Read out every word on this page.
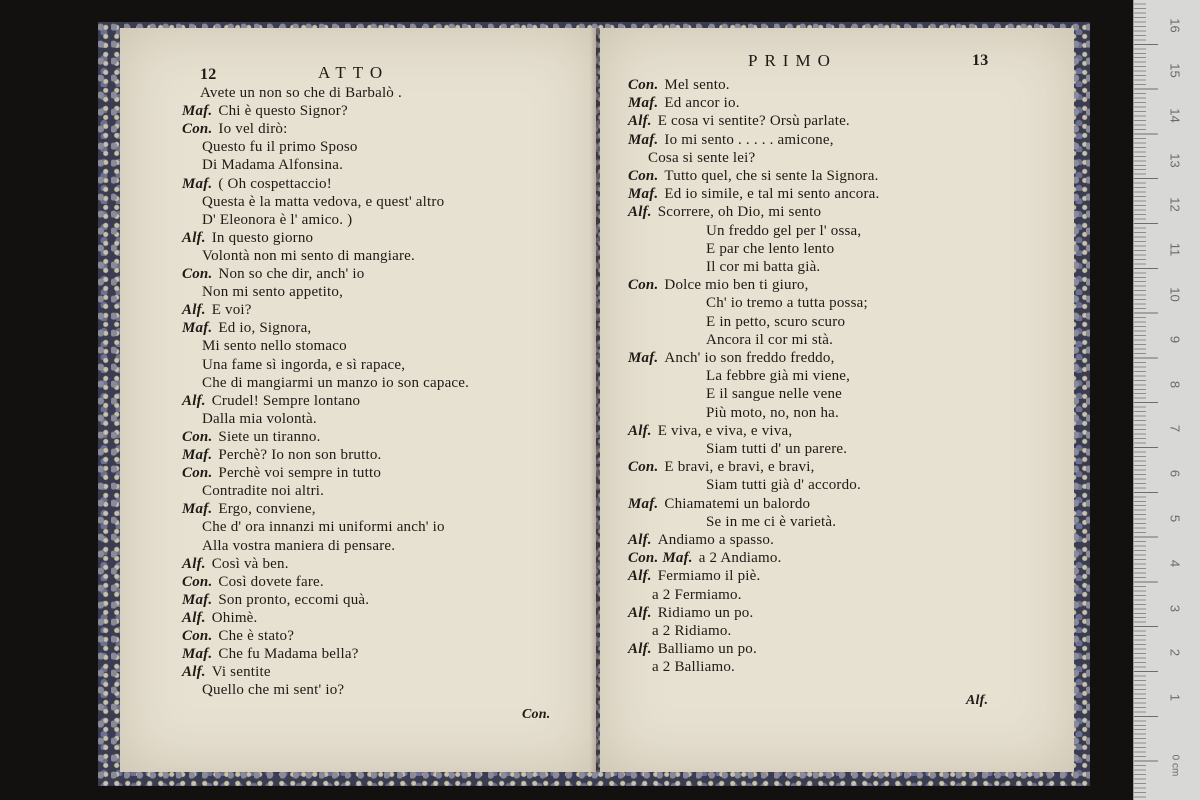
12	ATTO
Avete un non so che di Barbalò .
Maf. Chi è questo Signor?
Con. Io vel dirò:
Questo fu il primo Sposo
Di Madama Alfonsina.
Maf. ( Oh cospettaccio!
Questa è la matta vedova, e quest' altro
D' Eleonora è l' amico. )
Alf. In questo giorno
Volontà non mi sento di mangiare.
Con. Non so che dir, anch' io
Non mi sento appetito,
Alf. E voi?
Maf. Ed io, Signora,
Mi sento nello stomaco
Una fame sì ingorda, e sì rapace,
Che di mangiarmi un manzo io son capace.
Alf. Crudel! Sempre lontano
Dalla mia volontà.
Con. Siete un tiranno.
Maf. Perchè? Io non son brutto.
Con. Perchè voi sempre in tutto
Contradite noi altri.
Maf. Ergo, conviene,
Che d' ora innanzi mi uniformi anch' io
Alla vostra maniera di pensare.
Alf. Così và ben.
Con. Così dovete fare.
Maf. Son pronto, eccomi quà.
Alf. Ohimè.
Con. Che è stato?
Maf. Che fu Madama bella?
Alf. Vi sentite
Quello che mi sent' io?
Con.
PRIMO	13
Con. Mel sento.
Maf. Ed ancor io.
Alf. E cosa vi sentite? Orsù parlate.
Maf. Io mi sento . . . . . amicone,
Cosa si sente lei?
Con. Tutto quel, che si sente la Signora.
Maf. Ed io simile, e tal mi sento ancora.
Alf. Scorrere, oh Dio, mi sento
Un freddo gel per l' ossa,
E par che lento lento
Il cor mi batta già.
Con. Dolce mio ben ti giuro,
Ch' io tremo a tutta possa;
E in petto, scuro scuro
Ancora il cor mi stà.
Maf. Anch' io son freddo freddo,
La febbre già mi viene,
E il sangue nelle vene
Più moto, no, non ha.
Alf. E viva, e viva, e viva,
Siam tutti d' un parere.
Con. E bravi, e bravi, e bravi,
Siam tutti già d' accordo.
Maf. Chiamatemi un balordo
Se in me ci è varietà.
Alf. Andiamo a spasso.
Con. Maf. a 2 Andiamo.
Alf. Fermiamo il piè.
a 2 Fermiamo.
Alf. Ridiamo un po.
a 2 Ridiamo.
Alf. Balliamo un po.
a 2 Balliamo.
Alf.	1
2
3
4
5
6
7
8
9
10
11
12
13
14
15
16
0 cm
